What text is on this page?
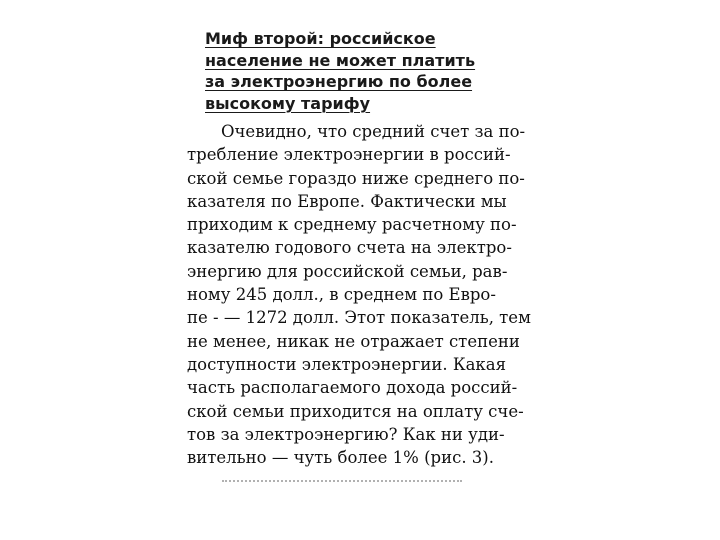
Миф второй: российское
население не может платить
за электроэнергию по более
высокому тарифу
Очевидно, что средний счет за по-
требление электроэнергии в россий-
ской семье гораздо ниже среднего по-
казателя по Европе. Фактически мы
приходим к среднему расчетному по-
казателю годового счета на электро-
энергию для российской семьи, рав-
ному 245 долл., в среднем по Евро-
пе - — 1272 долл. Этот показатель, тем
не менее, никак не отражает степени
доступности электроэнергии. Какая
часть располагаемого дохода россий-
ской семьи приходится на оплату сче-
тов за электроэнергию? Как ни уди-
вительно — чуть более 1% (рис. 3).
